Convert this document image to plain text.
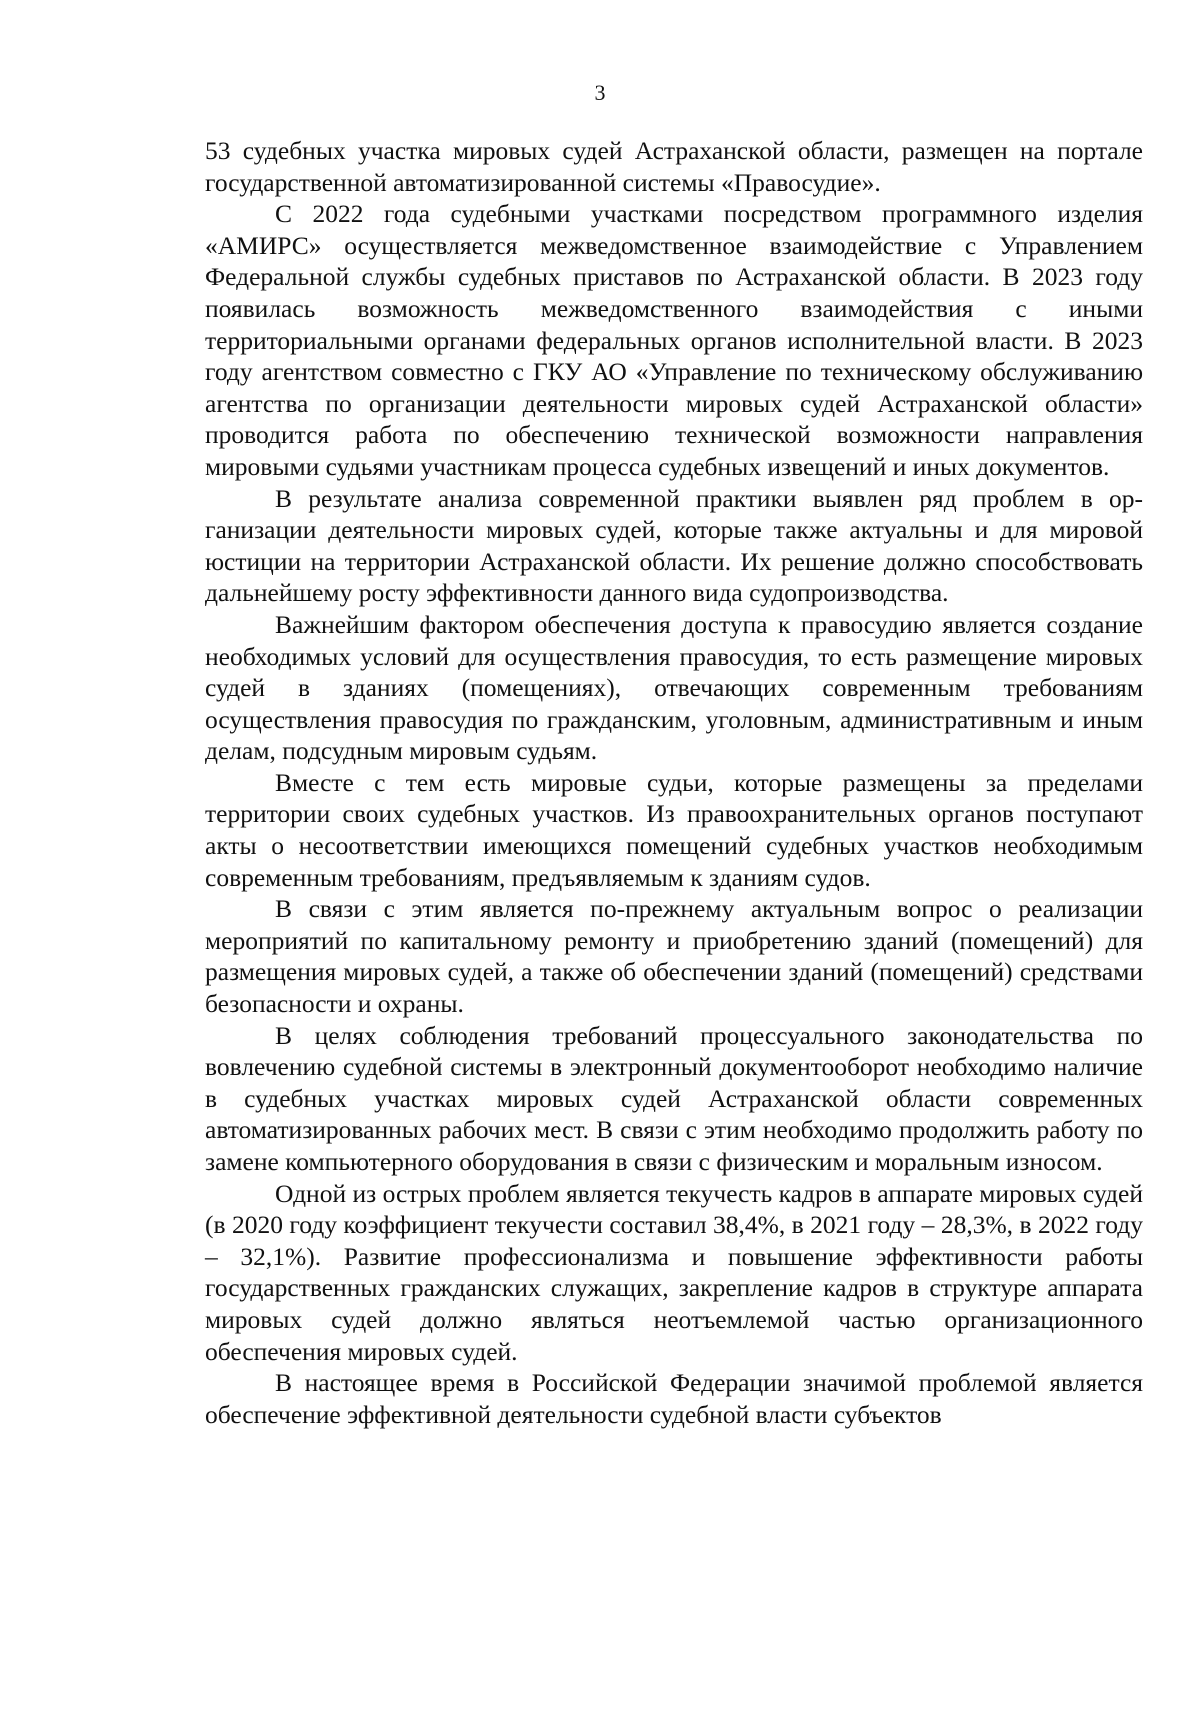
3

53 судебных участка мировых судей Астраханской области, размещен на портале государственной автоматизированной системы «Правосудие».

С 2022 года судебными участками посредством программного изделия «АМИРС» осуществляется межведомственное взаимодействие с Управлением Федеральной службы судебных приставов по Астраханской области. В 2023 году появилась возможность межведомственного взаимодействия с иными территориальными органами федеральных органов исполнительной власти. В 2023 году агентством совместно с ГКУ АО «Управление по техническому обслуживанию агентства по организации деятельности мировых судей Астраханской области» проводится работа по обеспечению технической возможности направления мировыми судьями участникам процесса судебных извещений и иных документов.

В результате анализа современной практики выявлен ряд проблем в организации деятельности мировых судей, которые также актуальны и для мировой юстиции на территории Астраханской области. Их решение должно способствовать дальнейшему росту эффективности данного вида судопроизводства.

Важнейшим фактором обеспечения доступа к правосудию является создание необходимых условий для осуществления правосудия, то есть размещение мировых судей в зданиях (помещениях), отвечающих современным требованиям осуществления правосудия по гражданским, уголовным, административным и иным делам, подсудным мировым судьям.

Вместе с тем есть мировые судьи, которые размещены за пределами территории своих судебных участков. Из правоохранительных органов поступают акты о несоответствии имеющихся помещений судебных участков необходимым современным требованиям, предъявляемым к зданиям судов.

В связи с этим является по-прежнему актуальным вопрос о реализации мероприятий по капитальному ремонту и приобретению зданий (помещений) для размещения мировых судей, а также об обеспечении зданий (помещений) средствами безопасности и охраны.

В целях соблюдения требований процессуального законодательства по вовлечению судебной системы в электронный документооборот необходимо наличие в судебных участках мировых судей Астраханской области современных автоматизированных рабочих мест. В связи с этим необходимо продолжить работу по замене компьютерного оборудования в связи с физическим и моральным износом.

Одной из острых проблем является текучесть кадров в аппарате мировых судей (в 2020 году коэффициент текучести составил 38,4%, в 2021 году – 28,3%, в 2022 году – 32,1%). Развитие профессионализма и повышение эффективности работы государственных гражданских служащих, закрепление кадров в структуре аппарата мировых судей должно являться неотъемлемой частью организационного обеспечения мировых судей.

В настоящее время в Российской Федерации значимой проблемой является обеспечение эффективной деятельности судебной власти субъектов
